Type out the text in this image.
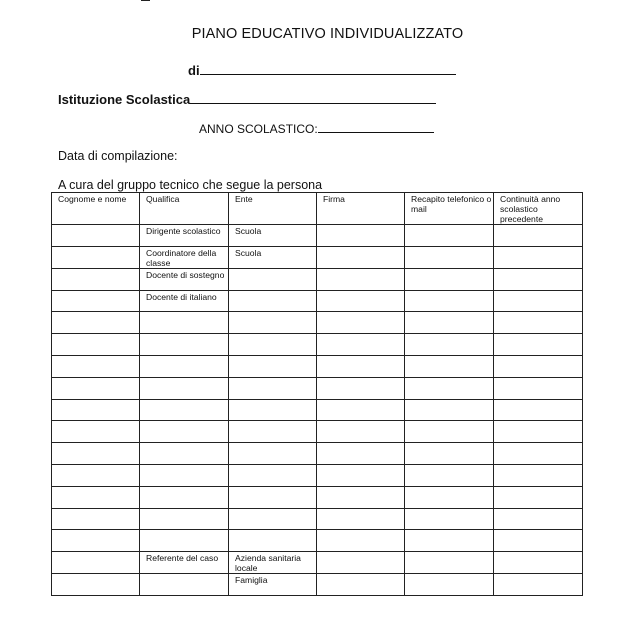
PIANO EDUCATIVO INDIVIDUALIZZATO
di
Istituzione Scolastica
ANNO SCOLASTICO:
Data di compilazione:
A cura del gruppo tecnico che segue la persona
Cognome e nome	Qualifica	Ente	Firma	Recapito telefonico o mail	Continuità anno scolastico precedente
	Dirigente scolastico	Scuola			
	Coordinatore della classe	Scuola			
	Docente di sostegno				
	Docente di italiano				

	Referente del caso	Azienda sanitaria locale			
		Famiglia			
